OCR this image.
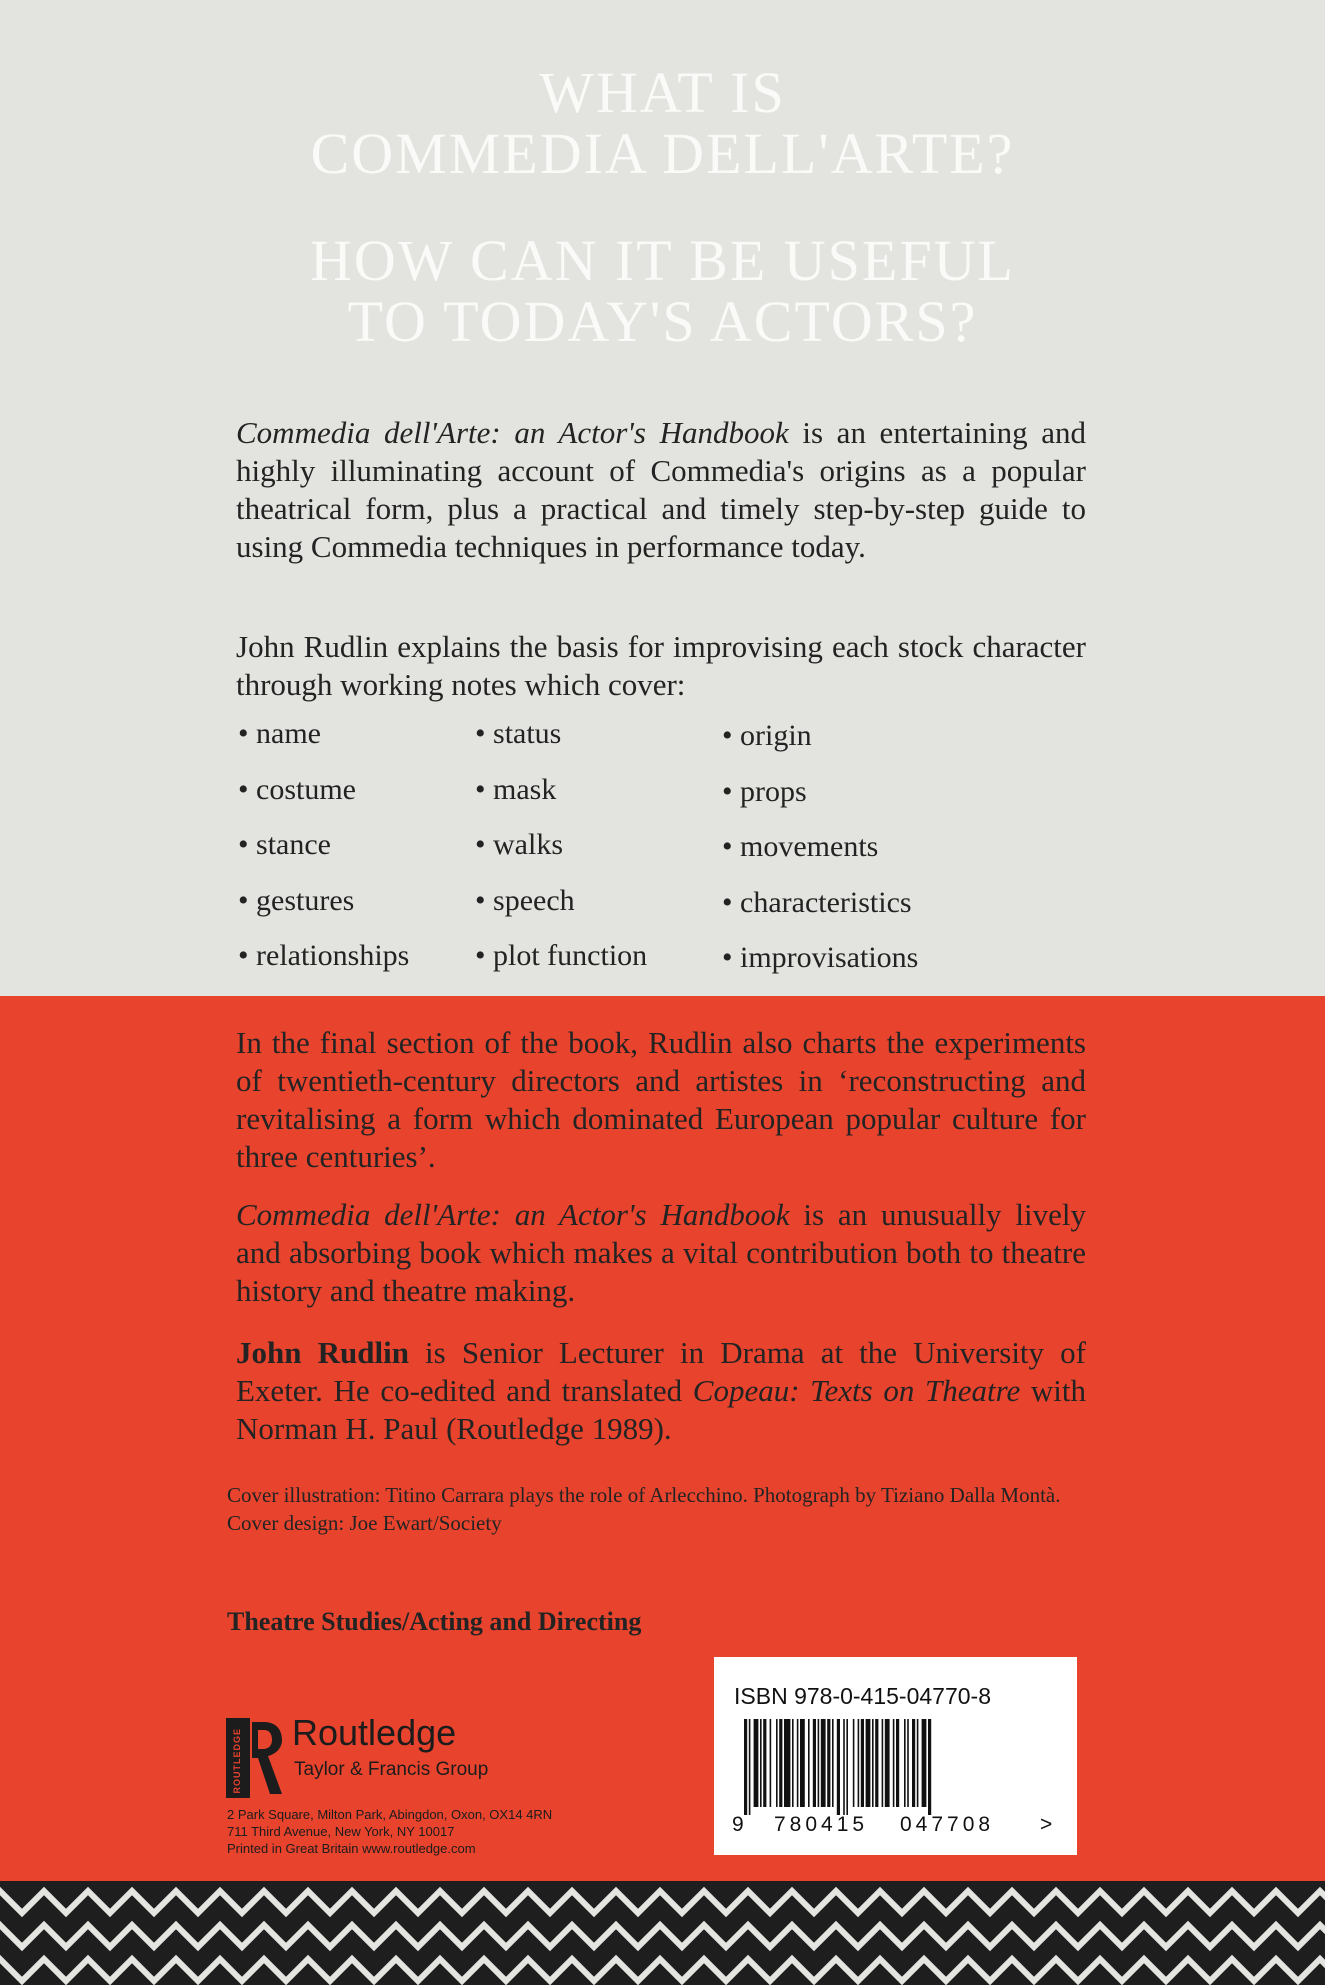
WHAT IS
COMMEDIA DELL'ARTE?
HOW CAN IT BE USEFUL
TO TODAY'S ACTORS?

Commedia dell'Arte: an Actor's Handbook is an entertaining and highly illuminating account of Commedia's origins as a popular theatrical form, plus a practical and timely step-by-step guide to using Commedia techniques in performance today.

John Rudlin explains the basis for improvising each stock character through working notes which cover:

• name
• costume
• stance
• gestures
• relationships
• status
• mask
• walks
• speech
• plot function
• origin
• props
• movements
• characteristics
• improvisations

In the final section of the book, Rudlin also charts the experiments of twentieth-century directors and artistes in ‘reconstructing and revitalising a form which dominated European popular culture for three centuries’.

Commedia dell'Arte: an Actor's Handbook is an unusually lively and absorbing book which makes a vital contribution both to theatre history and theatre making.

John Rudlin is Senior Lecturer in Drama at the University of Exeter. He co-edited and translated Copeau: Texts on Theatre with Norman H. Paul (Routledge 1989).

Cover illustration: Titino Carrara plays the role of Arlecchino. Photograph by Tiziano Dalla Montà.
Cover design: Joe Ewart/Society

Theatre Studies/Acting and Directing
ROUTLEDGE Routledge
Taylor & Francis Group
2 Park Square, Milton Park, Abingdon, Oxon, OX14 4RN
711 Third Avenue, New York, NY 10017
Printed in Great Britain www.routledge.com
ISBN 978-0-415-04770-8
9 780415 047708 >
